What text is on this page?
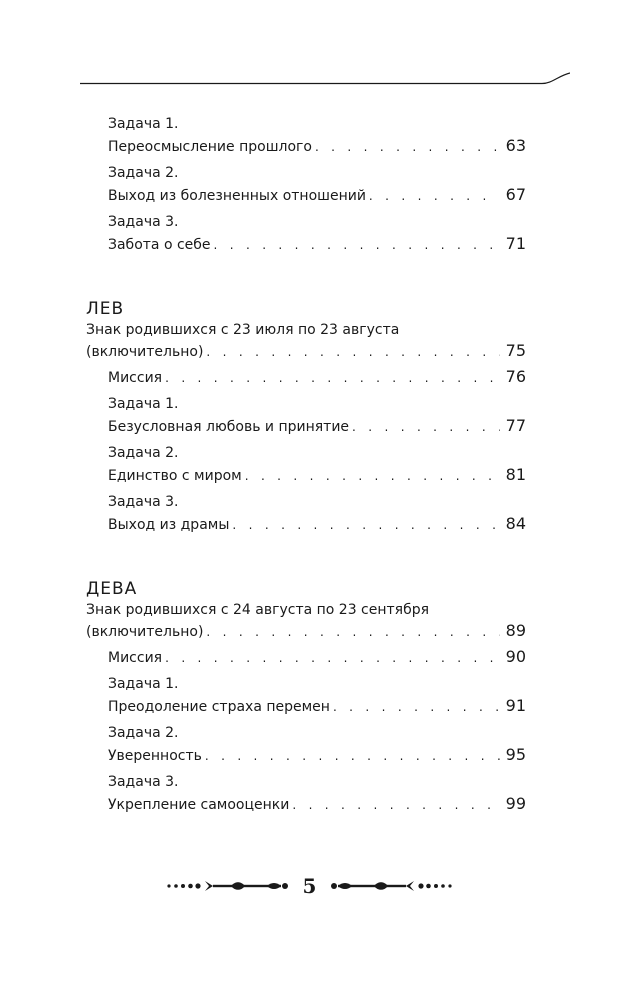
Задача 1.
Переосмысление прошлого . . .	63
Задача 2.
Выход из болезненных отношений . . .	67
Задача 3.
Забота о себе . . .	71
ЛЕВ
Знак родившихся с 23 июля по 23 августа
(включительно) . . .	75
Миссия . . .	76
Задача 1.
Безусловная любовь и принятие . . .	77
Задача 2.
Единство с миром . . .	81
Задача 3.
Выход из драмы . . .	84
ДЕВА
Знак родившихся с 24 августа по 23 сентября
(включительно) . . .	89
Миссия . . .	90
Задача 1.
Преодоление страха перемен . . .	91
Задача 2.
Уверенность . . .	95
Задача 3.
Укрепление самооценки . . .	99
5
